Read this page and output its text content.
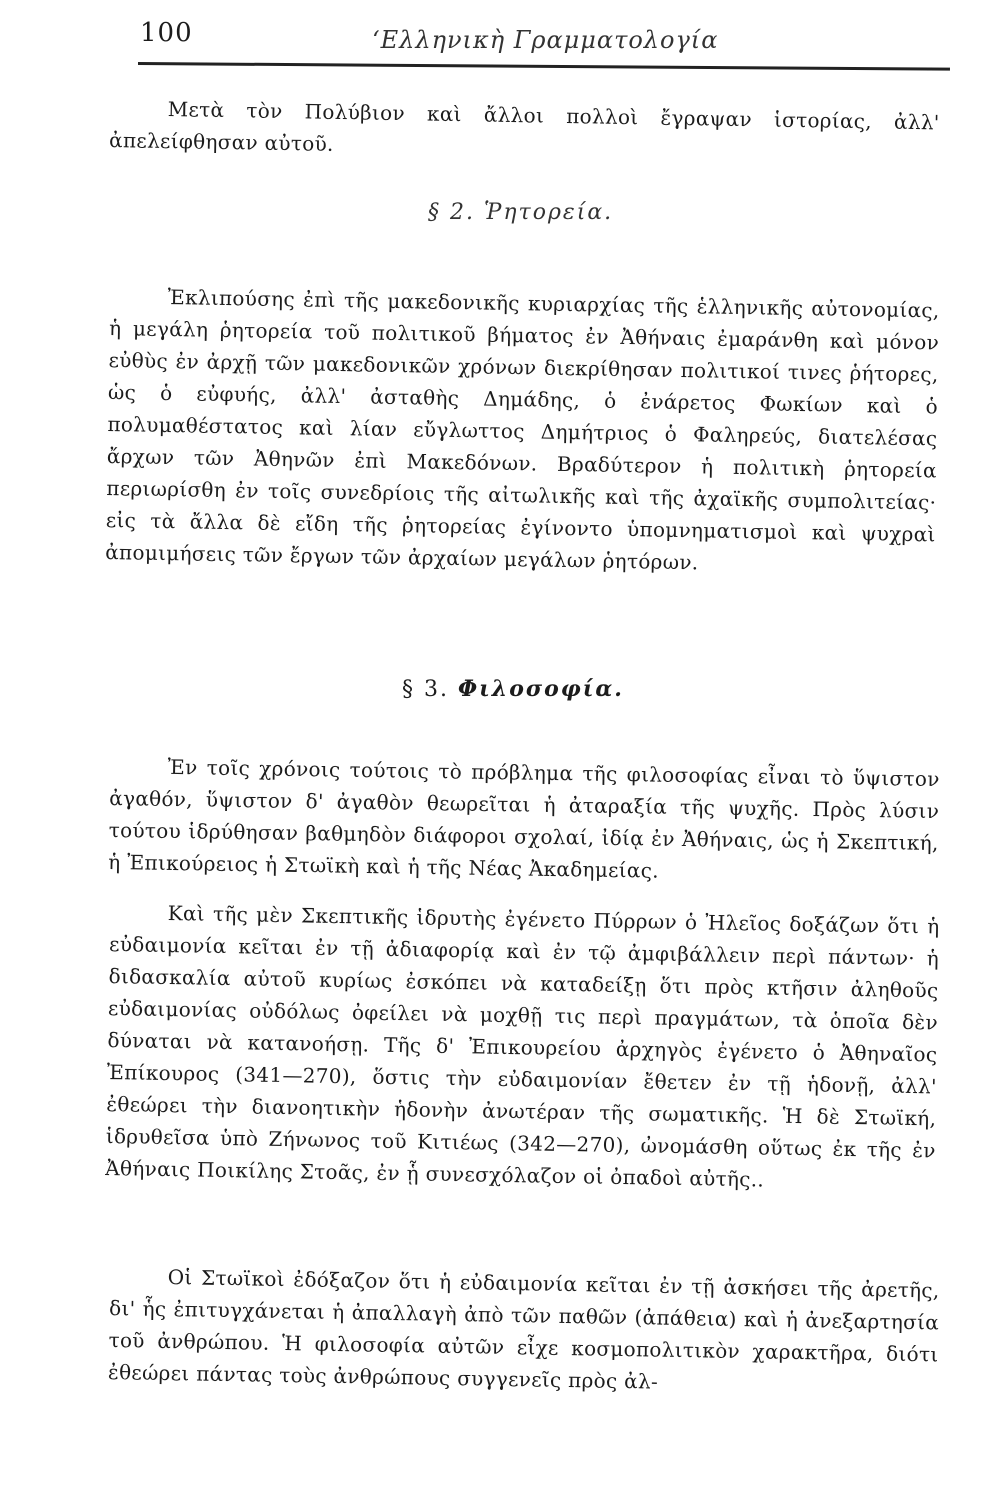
100	‘Ελληνικὴ Γραμματολογία

Μετὰ τὸν Πολύβιον καὶ ἄλλοι πολλοὶ ἔγραψαν ἱστορίας, ἀλλ' ἀπελείφθησαν αὐτοῦ.

§ 2. Ῥητορεία.

Ἐκλιπούσης ἐπὶ τῆς μακεδονικῆς κυριαρχίας τῆς ἑλληνικῆς αὐτονομίας, ἡ μεγάλη ῥητορεία τοῦ πολιτικοῦ βήματος ἐν Ἀθήναις ἐμαράνθη καὶ μόνον εὐθὺς ἐν ἀρχῇ τῶν μακεδονικῶν χρόνων διεκρίθησαν πολιτικοί τινες ῥήτορες, ὡς ὁ εὐφυής, ἀλλ' ἀσταθὴς Δημάδης, ὁ ἐνάρετος Φωκίων καὶ ὁ πολυμαθέστατος καὶ λίαν εὔγλωττος Δημήτριος ὁ Φαληρεύς, διατελέσας ἄρχων τῶν Ἀθηνῶν ἐπὶ Μακεδόνων. Βραδύτερον ἡ πολιτικὴ ῥητορεία περιωρίσθη ἐν τοῖς συνεδρίοις τῆς αἰτωλικῆς καὶ τῆς ἀχαϊκῆς συμπολιτείας· εἰς τὰ ἄλλα δὲ εἴδη τῆς ῥητορείας ἐγίνοντο ὑπομνηματισμοὶ καὶ ψυχραὶ ἀπομιμήσεις τῶν ἔργων τῶν ἀρχαίων μεγάλων ῥητόρων.

§ 3. Φιλοσοφία.

Ἐν τοῖς χρόνοις τούτοις τὸ πρόβλημα τῆς φιλοσοφίας εἶναι τὸ ὕψιστον ἀγαθόν, ὕψιστον δ' ἀγαθὸν θεωρεῖται ἡ ἀταραξία τῆς ψυχῆς. Πρὸς λύσιν τούτου ἱδρύθησαν βαθμηδὸν διάφοροι σχολαί, ἰδίᾳ ἐν Ἀθήναις, ὡς ἡ Σκεπτική, ἡ Ἐπικούρειος ἡ Στωϊκὴ καὶ ἡ τῆς Νέας Ἀκαδημείας.

Καὶ τῆς μὲν Σκεπτικῆς ἱδρυτὴς ἐγένετο Πύρρων ὁ Ἠλεῖος δοξάζων ὅτι ἡ εὐδαιμονία κεῖται ἐν τῇ ἀδιαφορίᾳ καὶ ἐν τῷ ἀμφιβάλλειν περὶ πάντων· ἡ διδασκαλία αὐτοῦ κυρίως ἐσκόπει νὰ καταδείξῃ ὅτι πρὸς κτῆσιν ἀληθοῦς εὐδαιμονίας οὐδόλως ὀφείλει νὰ μοχθῇ τις περὶ πραγμάτων, τὰ ὁποῖα δὲν δύναται νὰ κατανοήσῃ. Τῆς δ' Ἐπικουρείου ἀρχηγὸς ἐγένετο ὁ Ἀθηναῖος Ἐπίκουρος (341—270), ὅστις τὴν εὐδαιμονίαν ἔθετεν ἐν τῇ ἡδονῇ, ἀλλ' ἐθεώρει τὴν διανοητικὴν ἡδονὴν ἀνωτέραν τῆς σωματικῆς. Ἡ δὲ Στωϊκή, ἱδρυθεῖσα ὑπὸ Ζήνωνος τοῦ Κιτιέως (342—270), ὠνομάσθη οὕτως ἐκ τῆς ἐν Ἀθήναις Ποικίλης Στοᾶς, ἐν ᾗ συνεσχόλαζον οἱ ὀπαδοὶ αὐτῆς..

Οἱ Στωϊκοὶ ἐδόξαζον ὅτι ἡ εὐδαιμονία κεῖται ἐν τῇ ἀσκήσει τῆς ἀρετῆς, δι' ἧς ἐπιτυγχάνεται ἡ ἀπαλλαγὴ ἀπὸ τῶν παθῶν (ἀπάθεια) καὶ ἡ ἀνεξαρτησία τοῦ ἀνθρώπου. Ἡ φιλοσοφία αὐτῶν εἶχε κοσμοπολιτικὸν χαρακτῆρα, διότι ἐθεώρει πάντας τοὺς ἀνθρώπους συγγενεῖς πρὸς ἀλ-
